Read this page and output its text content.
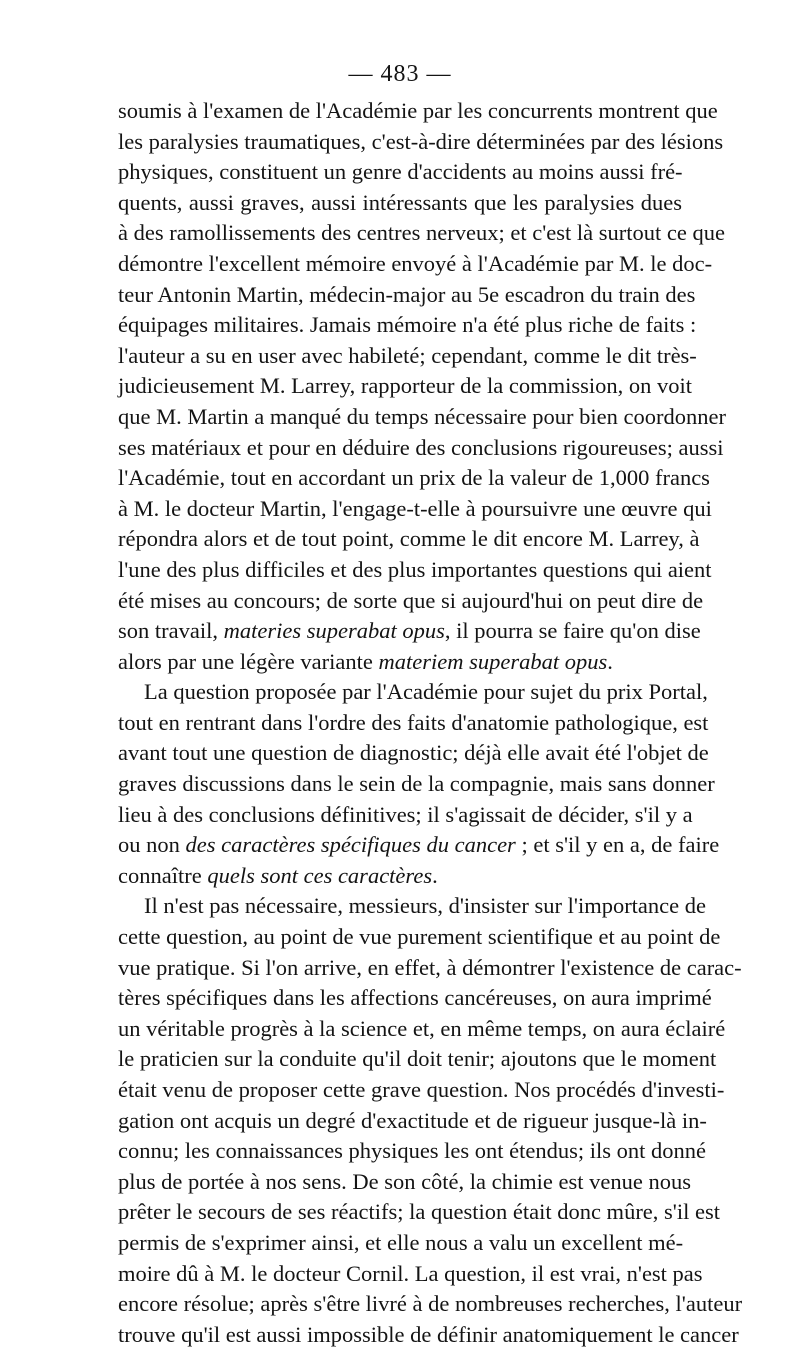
— 483 —
soumis à l'examen de l'Académie par les concurrents montrent que
les paralysies traumatiques, c'est-à-dire déterminées par des lésions
physiques, constituent un genre d'accidents au moins aussi fré-
quents, aussi graves, aussi intéressants que les paralysies dues
à des ramollissements des centres nerveux; et c'est là surtout ce que
démontre l'excellent mémoire envoyé à l'Académie par M. le doc-
teur Antonin Martin, médecin-major au 5e escadron du train des
équipages militaires. Jamais mémoire n'a été plus riche de faits :
l'auteur a su en user avec habileté; cependant, comme le dit très-
judicieusement M. Larrey, rapporteur de la commission, on voit
que M. Martin a manqué du temps nécessaire pour bien coordonner
ses matériaux et pour en déduire des conclusions rigoureuses; aussi
l'Académie, tout en accordant un prix de la valeur de 1,000 francs
à M. le docteur Martin, l'engage-t-elle à poursuivre une œuvre qui
répondra alors et de tout point, comme le dit encore M. Larrey, à
l'une des plus difficiles et des plus importantes questions qui aient
été mises au concours; de sorte que si aujourd'hui on peut dire de
son travail, materies superabat opus, il pourra se faire qu'on dise
alors par une légère variante materiem superabat opus.
La question proposée par l'Académie pour sujet du prix Portal,
tout en rentrant dans l'ordre des faits d'anatomie pathologique, est
avant tout une question de diagnostic; déjà elle avait été l'objet de
graves discussions dans le sein de la compagnie, mais sans donner
lieu à des conclusions définitives; il s'agissait de décider, s'il y a
ou non des caractères spécifiques du cancer ; et s'il y en a, de faire
connaître quels sont ces caractères.
Il n'est pas nécessaire, messieurs, d'insister sur l'importance de
cette question, au point de vue purement scientifique et au point de
vue pratique. Si l'on arrive, en effet, à démontrer l'existence de carac-
tères spécifiques dans les affections cancéreuses, on aura imprimé
un véritable progrès à la science et, en même temps, on aura éclairé
le praticien sur la conduite qu'il doit tenir; ajoutons que le moment
était venu de proposer cette grave question. Nos procédés d'investi-
gation ont acquis un degré d'exactitude et de rigueur jusque-là in-
connu; les connaissances physiques les ont étendus; ils ont donné
plus de portée à nos sens. De son côté, la chimie est venue nous
prêter le secours de ses réactifs; la question était donc mûre, s'il est
permis de s'exprimer ainsi, et elle nous a valu un excellent mé-
moire dû à M. le docteur Cornil. La question, il est vrai, n'est pas
encore résolue; après s'être livré à de nombreuses recherches, l'auteur
trouve qu'il est aussi impossible de définir anatomiquement le cancer
